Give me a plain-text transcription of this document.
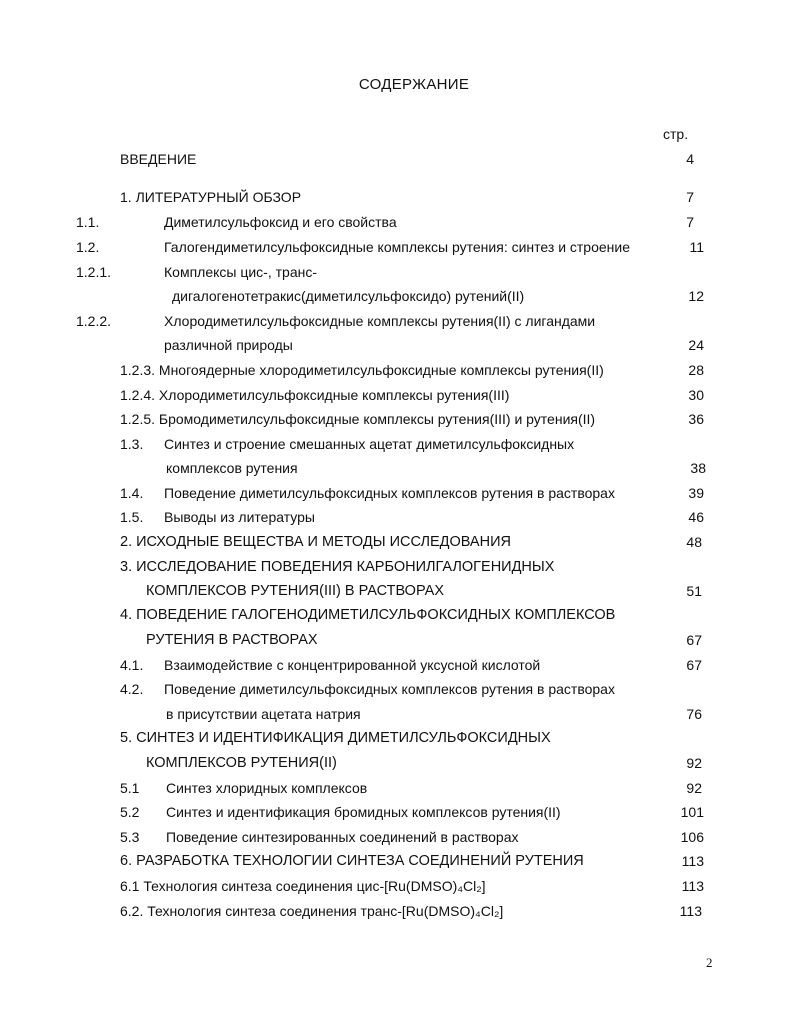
СОДЕРЖАНИЕ
стр.
ВВЕДЕНИЕ	4
1. ЛИТЕРАТУРНЫЙ ОБЗОР	7
1.1.	Диметилсульфоксид и его свойства	7
1.2.	Галогендиметилсульфоксидные комплексы рутения: синтез и строение	11
1.2.1.	Комплексы цис-, транс-
дигалогенотетракис(диметилсульфоксидо) рутений(II)	12
1.2.2.	Хлородиметилсульфоксидные комплексы рутения(II) с лигандами
различной природы	24
1.2.3. Многоядерные хлородиметилсульфоксидные комплексы рутения(II)	28
1.2.4. Хлородиметилсульфоксидные комплексы рутения(III)	30
1.2.5. Бромодиметилсульфоксидные комплексы рутения(III) и рутения(II)	36
1.3. Синтез и строение смешанных ацетат диметилсульфоксидных
комплексов рутения	38
1.4. Поведение диметилсульфоксидных комплексов рутения в растворах	39
1.5. Выводы из литературы	46
2. ИСХОДНЫЕ ВЕЩЕСТВА И МЕТОДЫ ИССЛЕДОВАНИЯ	48
3. ИССЛЕДОВАНИЕ ПОВЕДЕНИЯ КАРБОНИЛГАЛОГЕНИДНЫХ
КОМПЛЕКСОВ РУТЕНИЯ(III) В РАСТВОРАХ	51
4. ПОВЕДЕНИЕ ГАЛОГЕНОДИМЕТИЛСУЛЬФОКСИДНЫХ КОМПЛЕКСОВ
РУТЕНИЯ В РАСТВОРАХ	67
4.1. Взаимодействие с концентрированной уксусной кислотой	67
4.2. Поведение диметилсульфоксидных комплексов рутения в растворах
в присутствии ацетата натрия	76
5. СИНТЕЗ И ИДЕНТИФИКАЦИЯ ДИМЕТИЛСУЛЬФОКСИДНЫХ
КОМПЛЕКСОВ РУТЕНИЯ(II)	92
5.1 Синтез хлоридных комплексов	92
5.2 Синтез и идентификация бромидных комплексов рутения(II)	101
5.3 Поведение синтезированных соединений в растворах	106
6. РАЗРАБОТКА ТЕХНОЛОГИИ СИНТЕЗА СОЕДИНЕНИЙ РУТЕНИЯ	113
6.1 Технология синтеза соединения цис-[Ru(DMSO)₄Cl₂]	113
6.2. Технология синтеза соединения транс-[Ru(DMSO)₄Cl₂]	113
2
